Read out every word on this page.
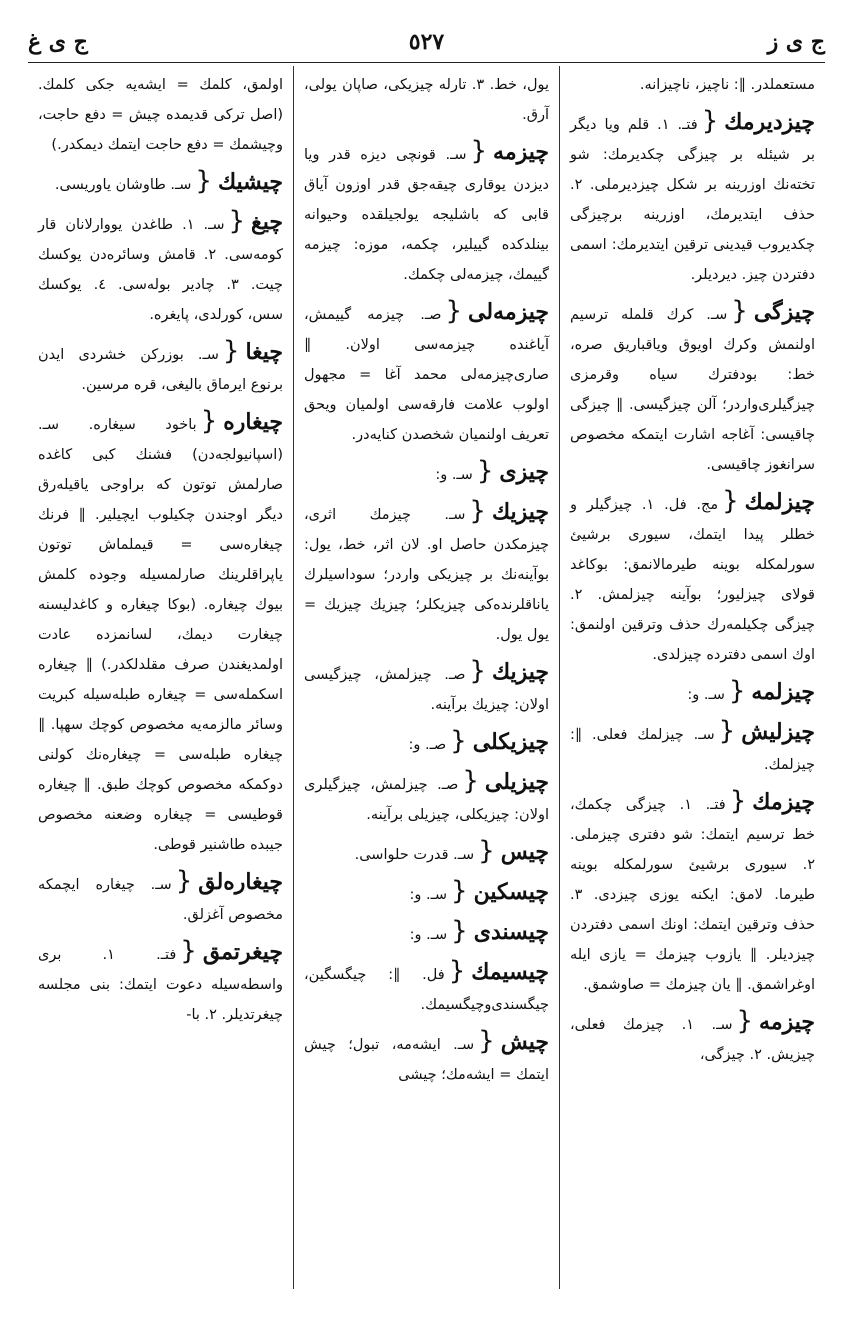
ج ی غ	٥٢٧	ج ی ز
مستعملدر. ∥: ناچیز، ناچیزانه.
چیزدیرمك{فتـ. ١. قلم ویا دیگر بر شیئله بر چیزگی چکدیرمك: شو تخته‌نك اوزرینه بر شکل چیزدیرملی. ٢. حذف ایتدیرمك، اوزرینه برچیزگی چکدیروب قیدینی ترقین ایتدیرمك: اسمی دفتردن چیز. دیردیلر.
چیزگی{سـ. کرك قلمله ترسیم اولنمش وکرك اویوق ویاقباریق صره، خط: بودفترك سیاه وقرمزی چیزگیلری‌واردر؛ آلن چیزگیسی. ∥ چیزگی چاقیسی: آغاجه اشارت ایتمکه مخصوص سرانغوز چاقیسی.
چیزلمك{مج. فل. ١. چیزگیلر و خطلر پیدا ایتمك، سیوری برشیئ سورلمکله بوینه طیرمالانمق: بوکاغد قولای چیزلیور؛ بوآینه چیزلمش. ٢. چیزگی چکیلمه‌رك حذف وترقین اولنمق: اوك اسمی دفترده چیزلدی.
چیزلمه{سـ. و:
چیزلیش{سـ. چیزلمك فعلی. ∥: چیزلمك.
چیزمك{فتـ. ١. چیزگی چکمك، خط ترسیم ایتمك: شو دفتری چیزملی. ٢. سیوری برشیئ سورلمکله بوینه طیرما. لامق: ایکنه یوزی چیزدی. ٣. حذف وترقین ایتمك: اونك اسمی دفتردن چیزدیلر. ∥ یازوب چیزمك = یازی ایله اوغراشمق. ∥ یان چیزمك = صاوشمق.
چیزمه{سـ. ١. چیزمك فعلی، چیزیش. ٢. چیزگی،
یول، خط. ٣. تارله چیزیکی، صاپان یولی، آرق.
چیزمه{سـ. قونچی دیزه قدر ویا دیزدن یوقاری چیقه‌جق قدر اوزون آیاق قابی که باشلیجه یولجیلقده وحیوانه بینلدکده گییلیر، چکمه، موزه: چیزمه گییمك، چیزمه‌لی چکمك.
چیزمه‌لی{صـ. چیزمه گییمش، آیاغنده چیزمه‌سی اولان. ∥ صاری‌چیزمه‌لی محمد آغا = مجهول اولوب علامت فارقه‌سی اولمیان ویحق تعریف اولنمیان شخصدن کنایه‌در.
چیزی{سـ. و:
چیزیك{سـ. چیزمك اثری، چیزمکدن حاصل او. لان اثر، خط، یول: بوآینه‌نك بر چیزیکی واردر؛ سوداسیلرك یاناقلرنده‌کی چیزیکلر؛ چیزیك چیزیك = یول یول.
چیزیك{صـ. چیزلمش، چیزگیسی اولان: چیزیك برآینه.
چیزیکلی{صـ. و:
چیزیلی{صـ. چیزلمش، چیزگیلری اولان: چیزیکلی، چیزیلی برآینه.
چیس{سـ. قدرت حلواسی.
چیسکین{سـ. و:
چیسندی{سـ. و:
چیسیمك{فل. ∥: چیگسگین، چیگسندی‌وچیگسیمك.
چیش{سـ. ایشه‌مه، تبول؛ چیش ایتمك = ایشه‌مك؛ چیشی
اولمق، کلمك = ایشه‌یه جکی کلمك. (اصل ترکی قدیمده چیش = دفع حاجت، وچیشمك = دفع حاجت ایتمك دیمکدر.)
چیشیك{سـ. طاوشان یاوریسی.
چیغ{سـ. ١. طاغدن یووارلانان قار کومه‌سی. ٢. قامش وسائره‌دن یوکسك چیت. ٣. چادیر بوله‌سی. ٤. یوکسك سس، کورلدی، پایغره.
چیغا{سـ. بوزرکن خشردی ایدن برنوع ایرماق بالیغی، قره مرسین.
چیغاره{باخود سیغاره. سـ. (اسپانیولجه‌دن) فشنك کبی کاغده صارلمش توتون که براوجی یاقیلەرق دیگر اوجندن چکیلوب ایچیلیر. ∥ فرنك چیغاره‌سی = قیملماش توتون یاپراقلرینك صارلمسیله وجوده کلمش بیوك چیغاره. (بوکا چیغاره و کاغدلیسنه چیغارت دیمك، لسانمزده عادت اولمدیغندن صرف مقلدلکدر.) ∥ چیغاره اسکمله‌سی = چیغاره طبله‌سیله کبریت وسائر مالزمه‌یه مخصوص کوچك سهپا. ∥ چیغاره طبله‌سی = چیغاره‌نك کولنی دوکمکه مخصوص کوچك طبق. ∥ چیغاره قوطیسی = چیغاره وضعنه مخصوص جیبده طاشنیر قوطی.
چیغاره‌لق{سـ. چیغاره ایچمکه مخصوص آغزلق.
چیغرتمق{فتـ. ١. بری واسطه‌سیله دعوت ایتمك: بنی مجلسه چیغرتدیلر. ٢. با-
